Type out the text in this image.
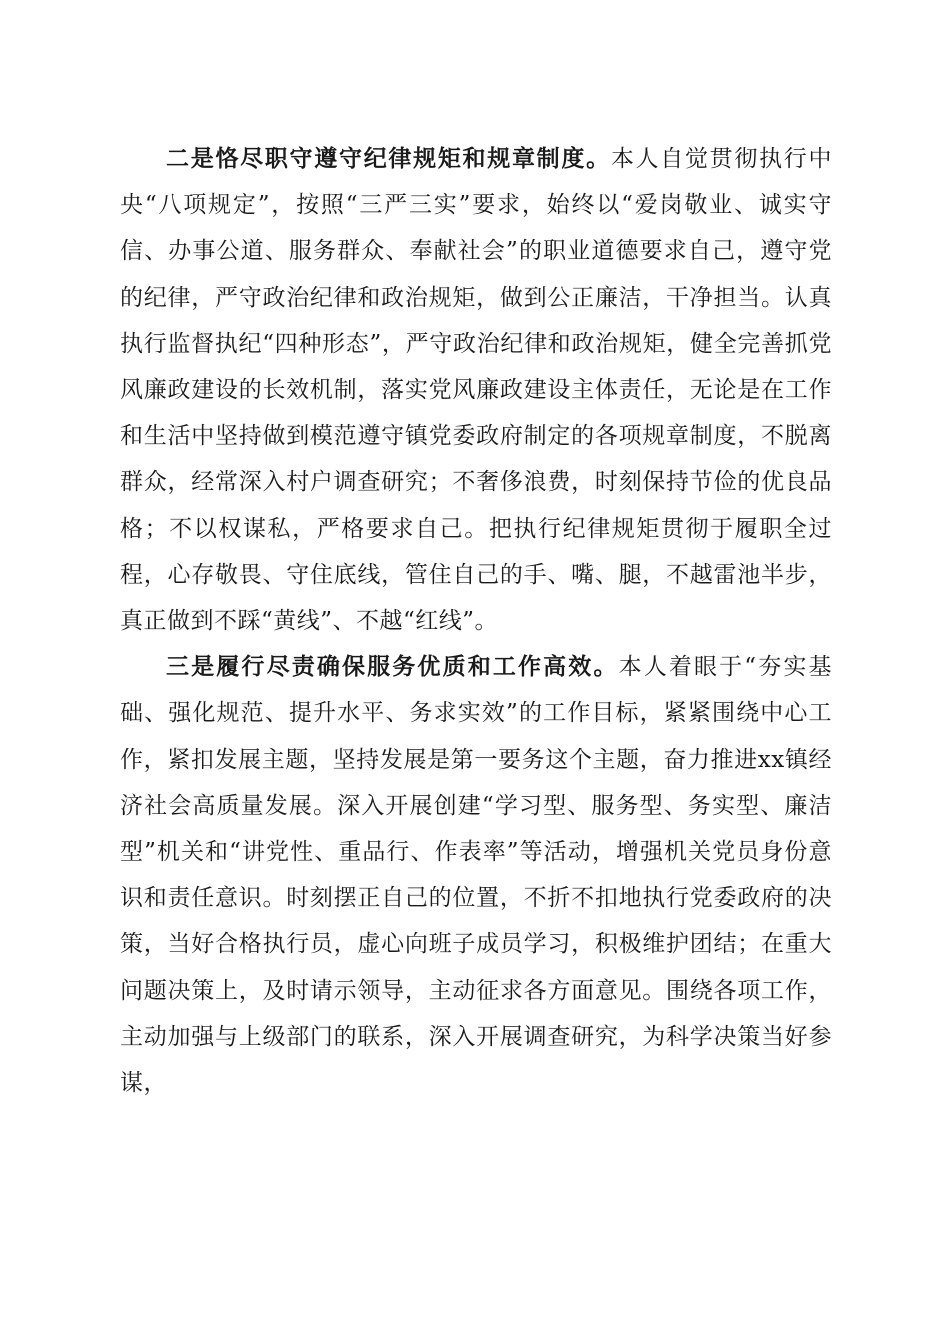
二是恪尽职守遵守纪律规矩和规章制度。本人自觉贯彻执行中央“八项规定”，按照“三严三实”要求，始终以“爱岗敬业、诚实守信、办事公道、服务群众、奉献社会”的职业道德要求自己，遵守党的纪律，严守政治纪律和政治规矩，做到公正廉洁，干净担当。认真执行监督执纪“四种形态”，严守政治纪律和政治规矩，健全完善抓党风廉政建设的长效机制，落实党风廉政建设主体责任，无论是在工作和生活中坚持做到模范遵守镇党委政府制定的各项规章制度，不脱离群众，经常深入村户调查研究；不奢侈浪费，时刻保持节俭的优良品格；不以权谋私，严格要求自己。把执行纪律规矩贯彻于履职全过程，心存敬畏、守住底线，管住自己的手、嘴、腿，不越雷池半步，真正做到不踩“黄线”、不越“红线”。

三是履行尽责确保服务优质和工作高效。本人着眼于“夯实基础、强化规范、提升水平、务求实效”的工作目标，紧紧围绕中心工作，紧扣发展主题，坚持发展是第一要务这个主题，奋力推进xx镇经济社会高质量发展。深入开展创建“学习型、服务型、务实型、廉洁型”机关和“讲党性、重品行、作表率”等活动，增强机关党员身份意识和责任意识。时刻摆正自己的位置，不折不扣地执行党委政府的决策，当好合格执行员，虚心向班子成员学习，积极维护团结；在重大问题决策上，及时请示领导，主动征求各方面意见。围绕各项工作，主动加强与上级部门的联系，深入开展调查研究，为科学决策当好参谋，
